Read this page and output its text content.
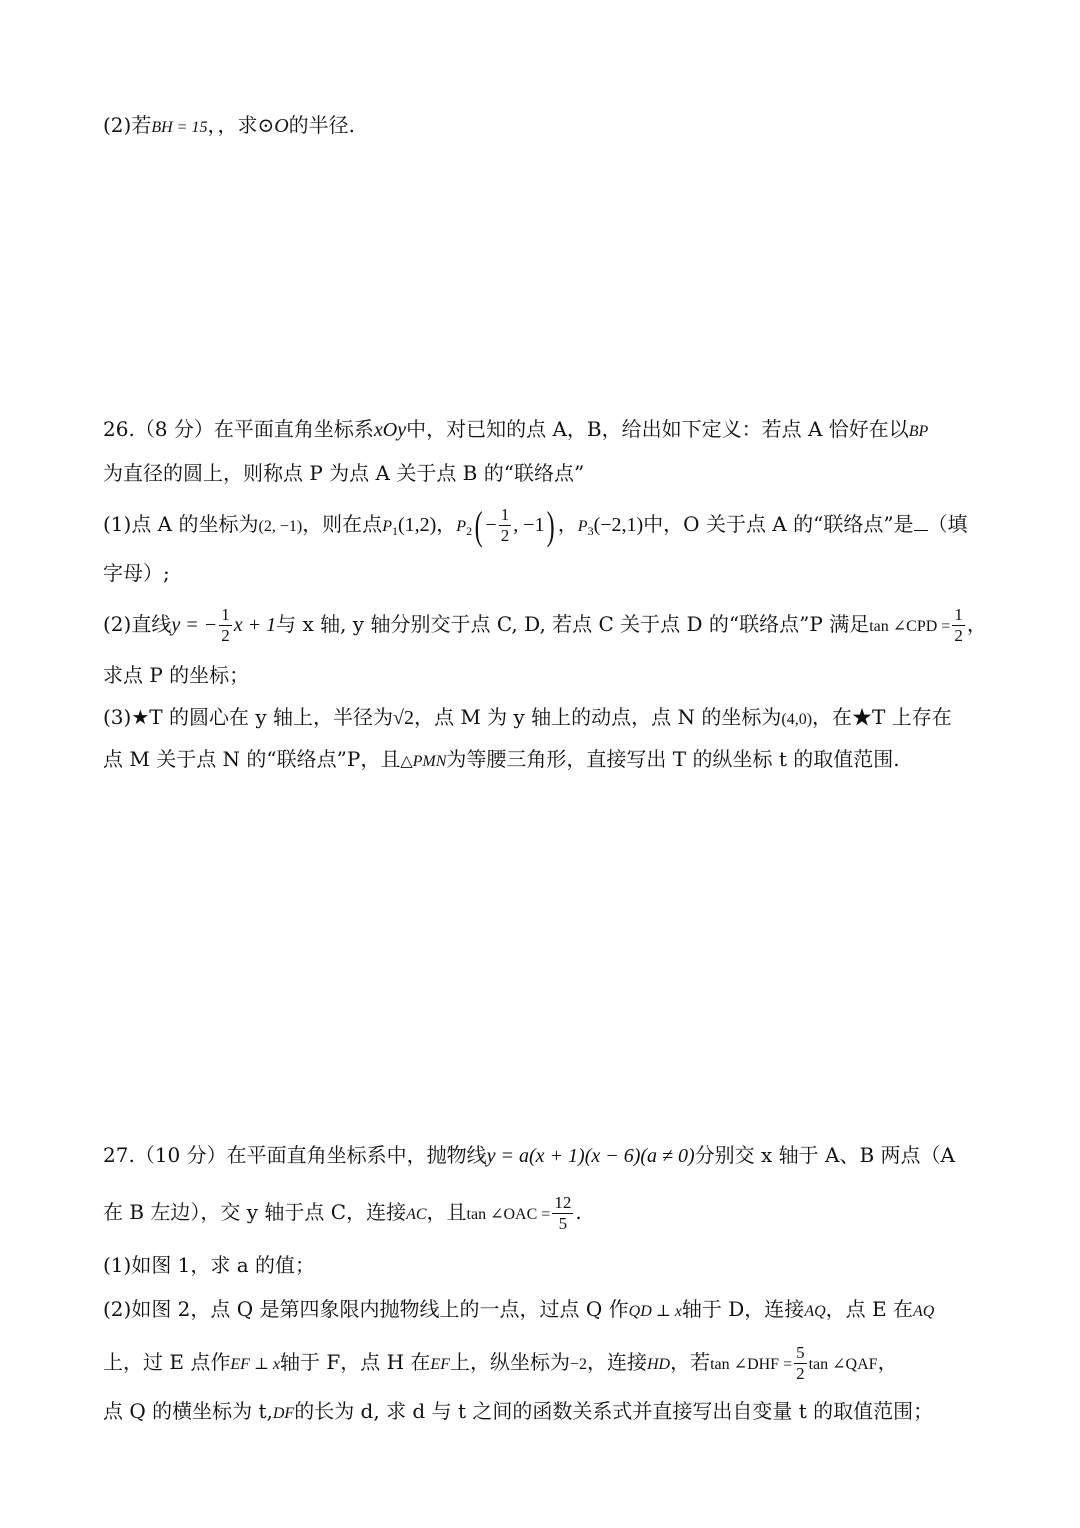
(2)若BH = 15，，求⊙O的半径.
26.（8 分）在平面直角坐标系xOy中，对已知的点 A，B，给出如下定义：若点 A 恰好在以BP
为直径的圆上，则称点 P 为点 A 关于点 B 的“联络点”
(1)点 A 的坐标为(2, −1)，则在点$P_1(1,2)$，$P_2( - \frac{1}{2}$ , −1) ，$P_3(-2,1)$中，O 关于点 A 的“联络点”是 （填
字母）;
(2)直线y = − $\frac{1}{2}$ x + 1与 x 轴, y 轴分别交于点 C, D, 若点 C 关于点 D 的“联络点”P 满足tan ∠CPD = $\frac{1}{2}$ ，
求点 P 的坐标；
(3)★T 的圆心在 y 轴上，半径为√2，点 M 为 y 轴上的动点，点 N 的坐标为(4,0)，在★T 上存在
点 M 关于点 N 的“联络点”P，且△PMN为等腰三角形，直接写出 T 的纵坐标 t 的取值范围.
27.（10 分）在平面直角坐标系中，抛物线y = a(x + 1)(x − 6)(a ≠ 0)分别交 x 轴于 A、B 两点（A
在 B 左边），交 y 轴于点 C，连接AC，且tan ∠OAC = $\frac{12}{5}$ .
(1)如图 1，求 a 的值；
(2)如图 2，点 Q 是第四象限内抛物线上的一点，过点 Q 作QD ⊥ x轴于 D，连接AQ，点 E 在AQ
上，过 E 点作EF ⊥ x轴于 F，点 H 在EF上，纵坐标为−2，连接HD，若tan ∠DHF = $\frac{5}{2}$ tan ∠QAF，
点 Q 的横坐标为 t,DF的长为 d, 求 d 与 t 之间的函数关系式并直接写出自变量 t 的取值范围；
